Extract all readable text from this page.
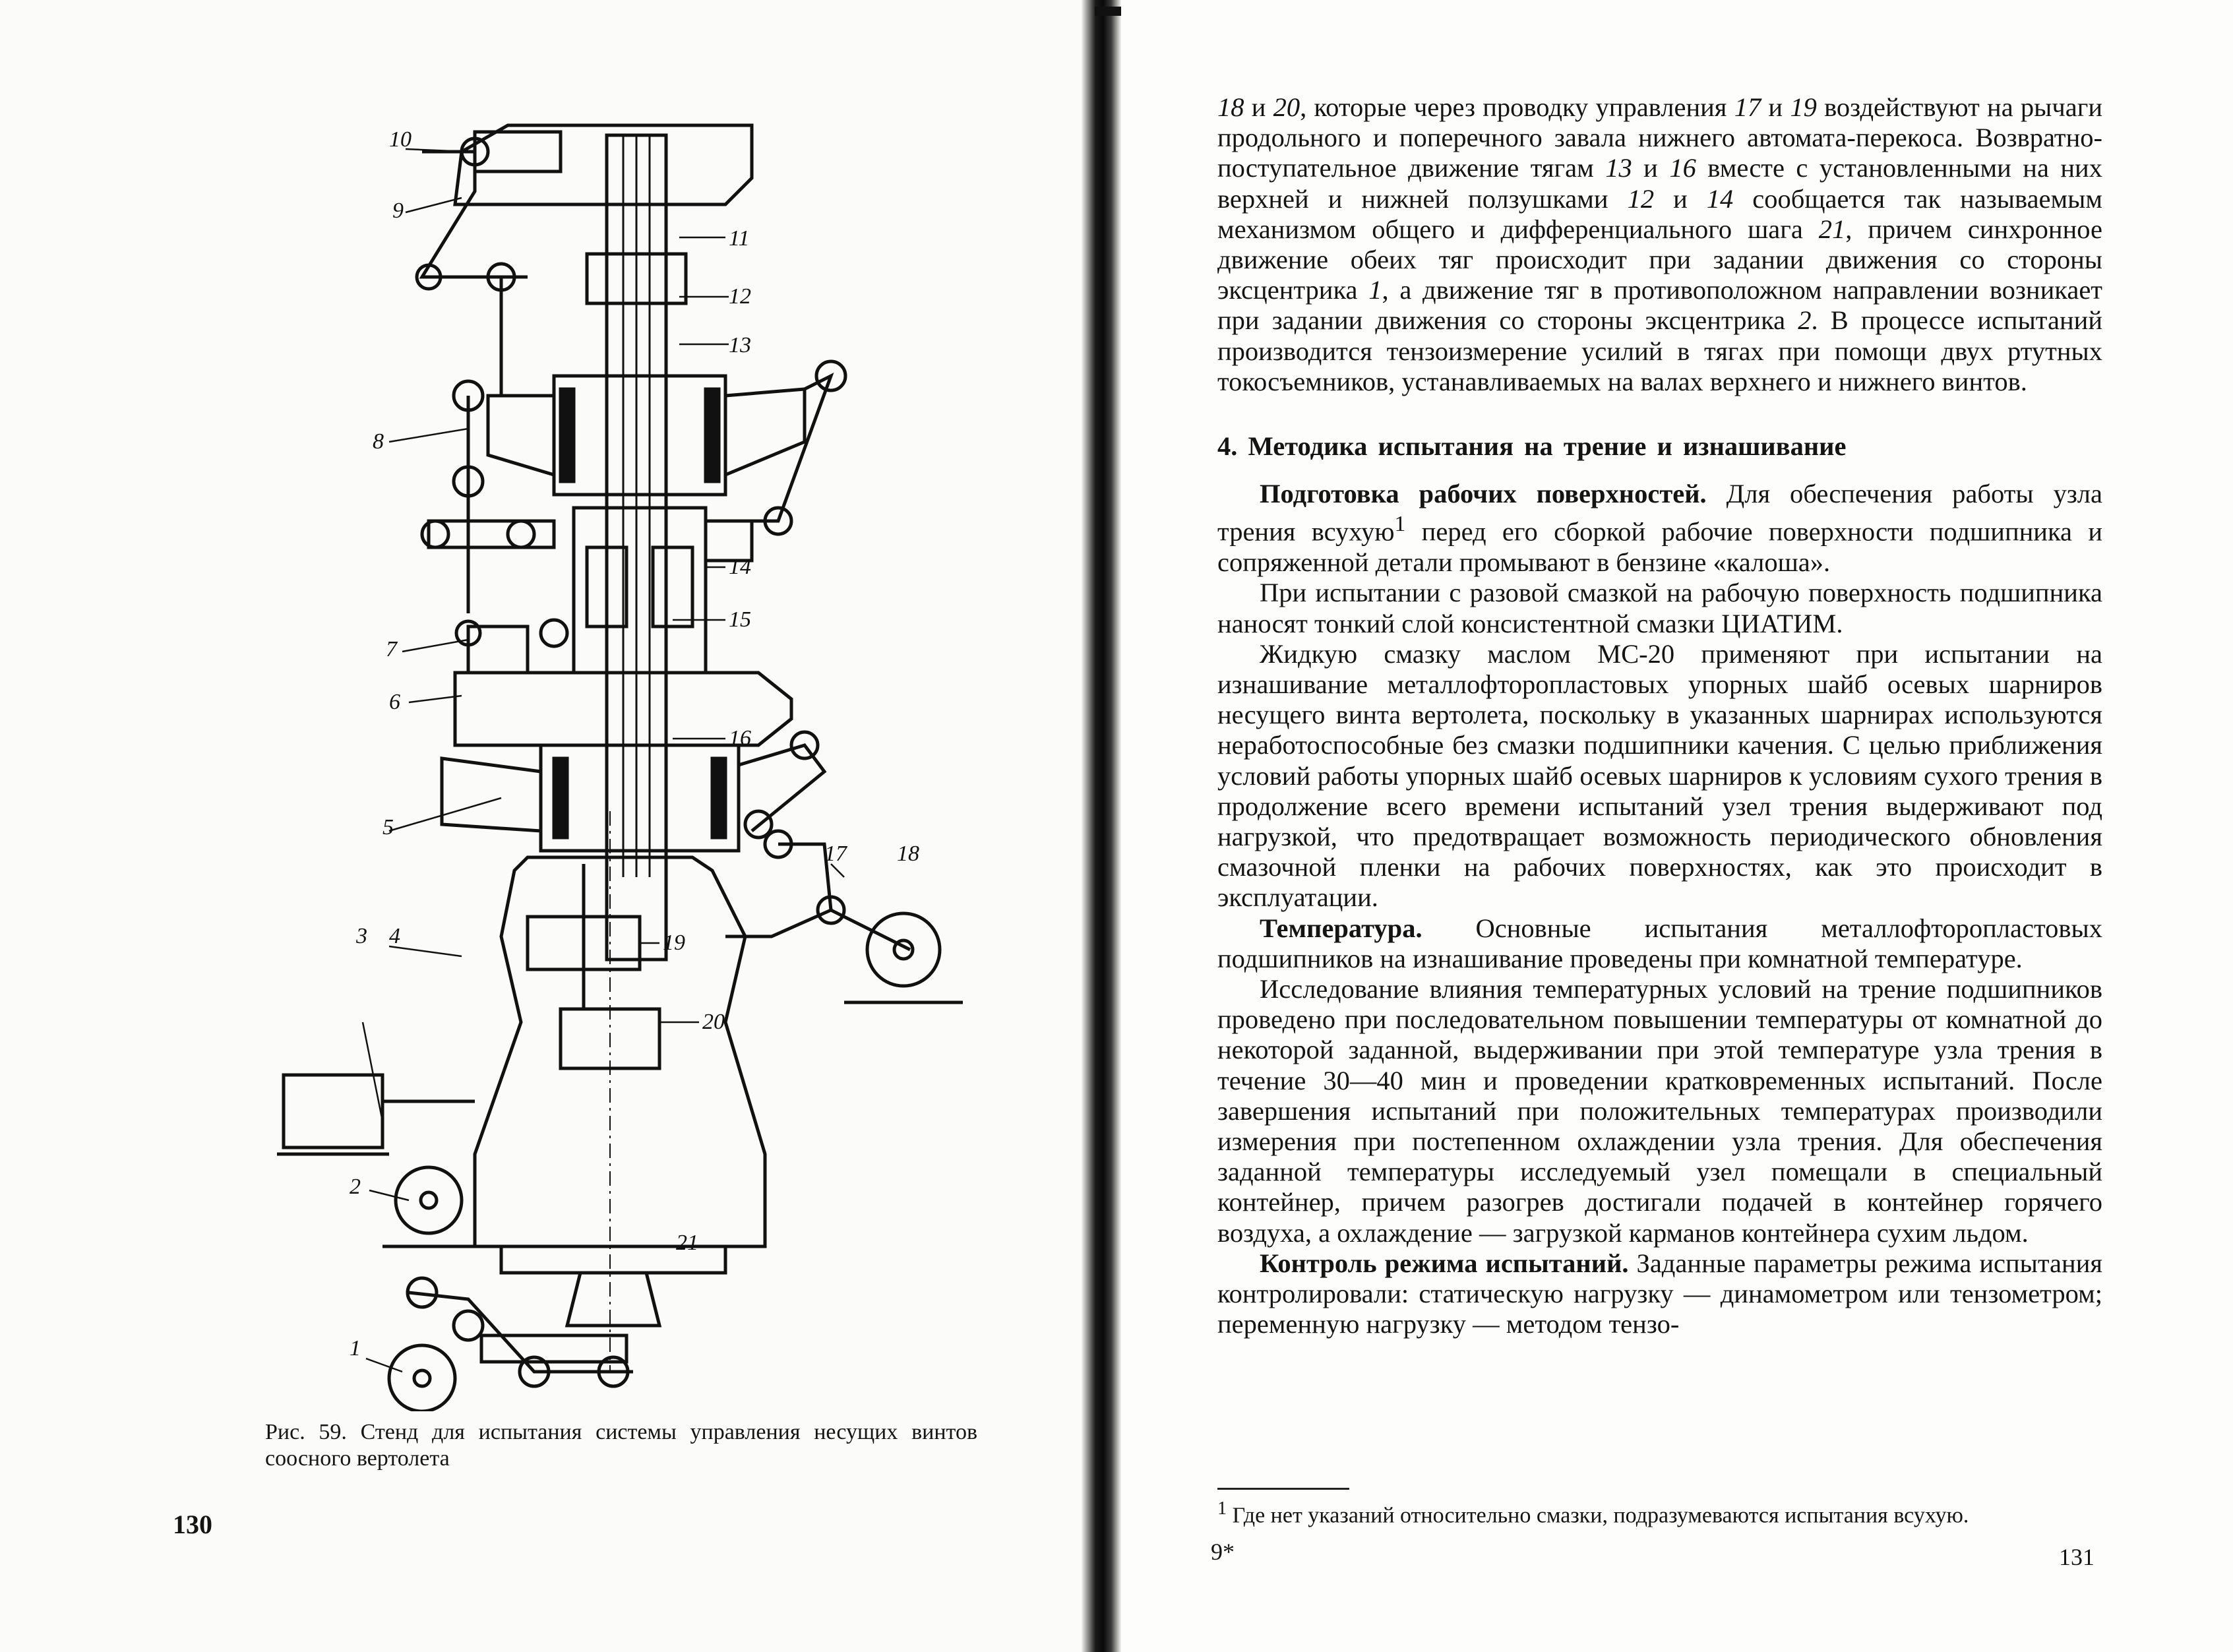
10
9
11
12
13
8
14
15
7
6
16
5
17 18
19
3 4
20
2
21
1
Рис. 59. Стенд для испытания системы управления несущих винтов соосного вертолета
130

18 и 20, которые через проводку управления 17 и 19 воздействуют на рычаги продольного и поперечного завала нижнего автомата-перекоса. Возвратно-поступательное движение тягам 13 и 16 вместе с установленными на них верхней и нижней ползушками 12 и 14 сообщается так называемым механизмом общего и дифференциального шага 21, причем синхронное движение обеих тяг происходит при задании движения со стороны эксцентрика 1, а движение тяг в противоположном направлении возникает при задании движения со стороны эксцентрика 2. В процессе испытаний производится тензоизмерение усилий в тягах при помощи двух ртутных токосъемников, устанавливаемых на валах верхнего и нижнего винтов.

4. Методика испытания на трение и изнашивание

Подготовка рабочих поверхностей. Для обеспечения работы узла трения всухую$^1$ перед его сборкой рабочие поверхности подшипника и сопряженной детали промывают в бензине «калоша».

При испытании с разовой смазкой на рабочую поверхность подшипника наносят тонкий слой консистентной смазки ЦИАТИМ.

Жидкую смазку маслом МС-20 применяют при испытании на изнашивание металлофторопластовых упорных шайб осевых шарниров несущего винта вертолета, поскольку в указанных шарнирах используются неработоспособные без смазки подшипники качения. С целью приближения условий работы упорных шайб осевых шарниров к условиям сухого трения в продолжение всего времени испытаний узел трения выдерживают под нагрузкой, что предотвращает возможность периодического обновления смазочной пленки на рабочих поверхностях, как это происходит в эксплуатации.

Температура. Основные испытания металлофторопластовых подшипников на изнашивание проведены при комнатной температуре.

Исследование влияния температурных условий на трение подшипников проведено при последовательном повышении температуры от комнатной до некоторой заданной, выдерживании при этой температуре узла трения в течение 30—40 мин и проведении кратковременных испытаний. После завершения испытаний при положительных температурах производили измерения при постепенном охлаждении узла трения. Для обеспечения заданной температуры исследуемый узел помещали в специальный контейнер, причем разогрев достигали подачей в контейнер горячего воздуха, а охлаждение — загрузкой карманов контейнера сухим льдом.

Контроль режима испытаний. Заданные параметры режима испытания контролировали: статическую нагрузку — динамометром или тензометром; переменную нагрузку — методом тензо-

$^1$ Где нет указаний относительно смазки, подразумеваются испытания всухую.
9*	131
